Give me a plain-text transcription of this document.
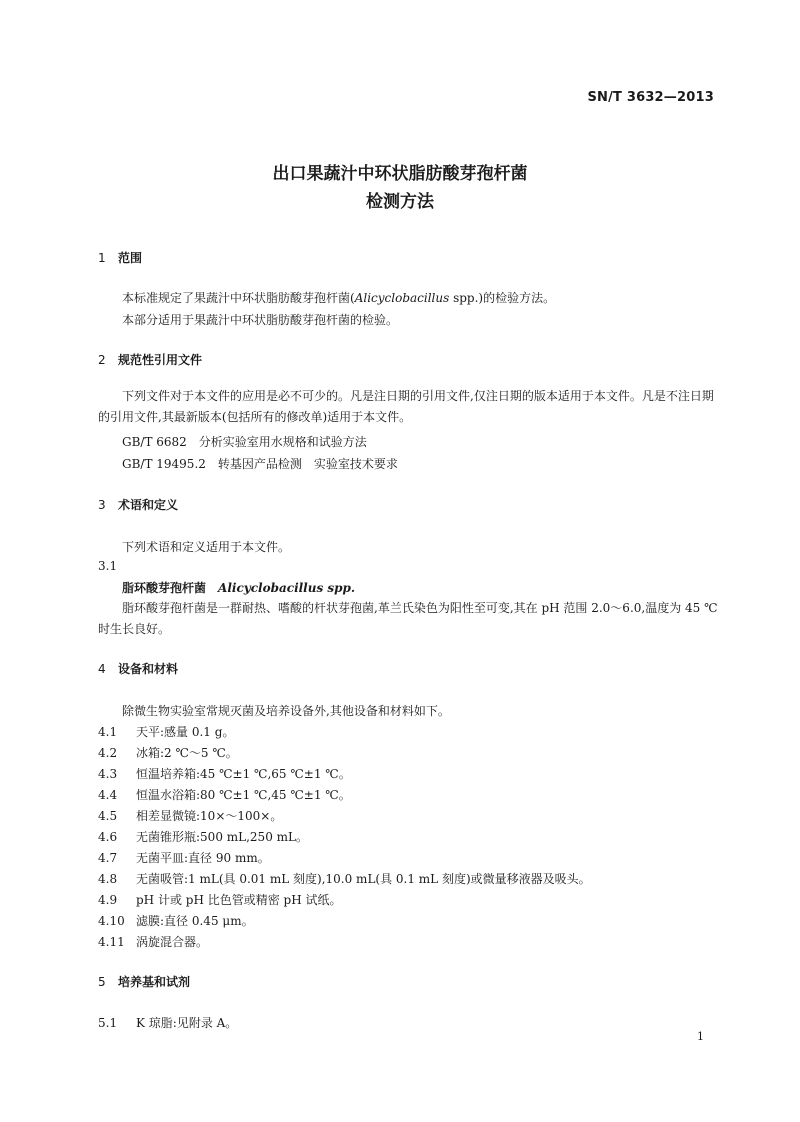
SN/T 3632—2013
出口果蔬汁中环状脂肪酸芽孢杆菌
检测方法
1 范围
本标准规定了果蔬汁中环状脂肪酸芽孢杆菌(Alicyclobacillus spp.)的检验方法。
本部分适用于果蔬汁中环状脂肪酸芽孢杆菌的检验。
2 规范性引用文件
下列文件对于本文件的应用是必不可少的。凡是注日期的引用文件,仅注日期的版本适用于本文件。凡是不注日期的引用文件,其最新版本(包括所有的修改单)适用于本文件。
GB/T 6682　分析实验室用水规格和试验方法
GB/T 19495.2　转基因产品检测　实验室技术要求
3 术语和定义
下列术语和定义适用于本文件。
3.1
脂环酸芽孢杆菌 Alicyclobacillus spp.
脂环酸芽孢杆菌是一群耐热、嗜酸的杆状芽孢菌,革兰氏染色为阳性至可变,其在 pH 范围 2.0～6.0,温度为 45 ℃时生长良好。
4 设备和材料
除微生物实验室常规灭菌及培养设备外,其他设备和材料如下。
4.1 天平:感量 0.1 g。
4.2 冰箱:2 ℃～5 ℃。
4.3 恒温培养箱:45 ℃±1 ℃,65 ℃±1 ℃。
4.4 恒温水浴箱:80 ℃±1 ℃,45 ℃±1 ℃。
4.5 相差显微镜:10×～100×。
4.6 无菌锥形瓶:500 mL,250 mL。
4.7 无菌平皿:直径 90 mm。
4.8 无菌吸管:1 mL(具 0.01 mL 刻度),10.0 mL(具 0.1 mL 刻度)或微量移液器及吸头。
4.9 pH 计或 pH 比色管或精密 pH 试纸。
4.10 滤膜:直径 0.45 μm。
4.11 涡旋混合器。
5 培养基和试剂
5.1 K 琼脂:见附录 A。
1
